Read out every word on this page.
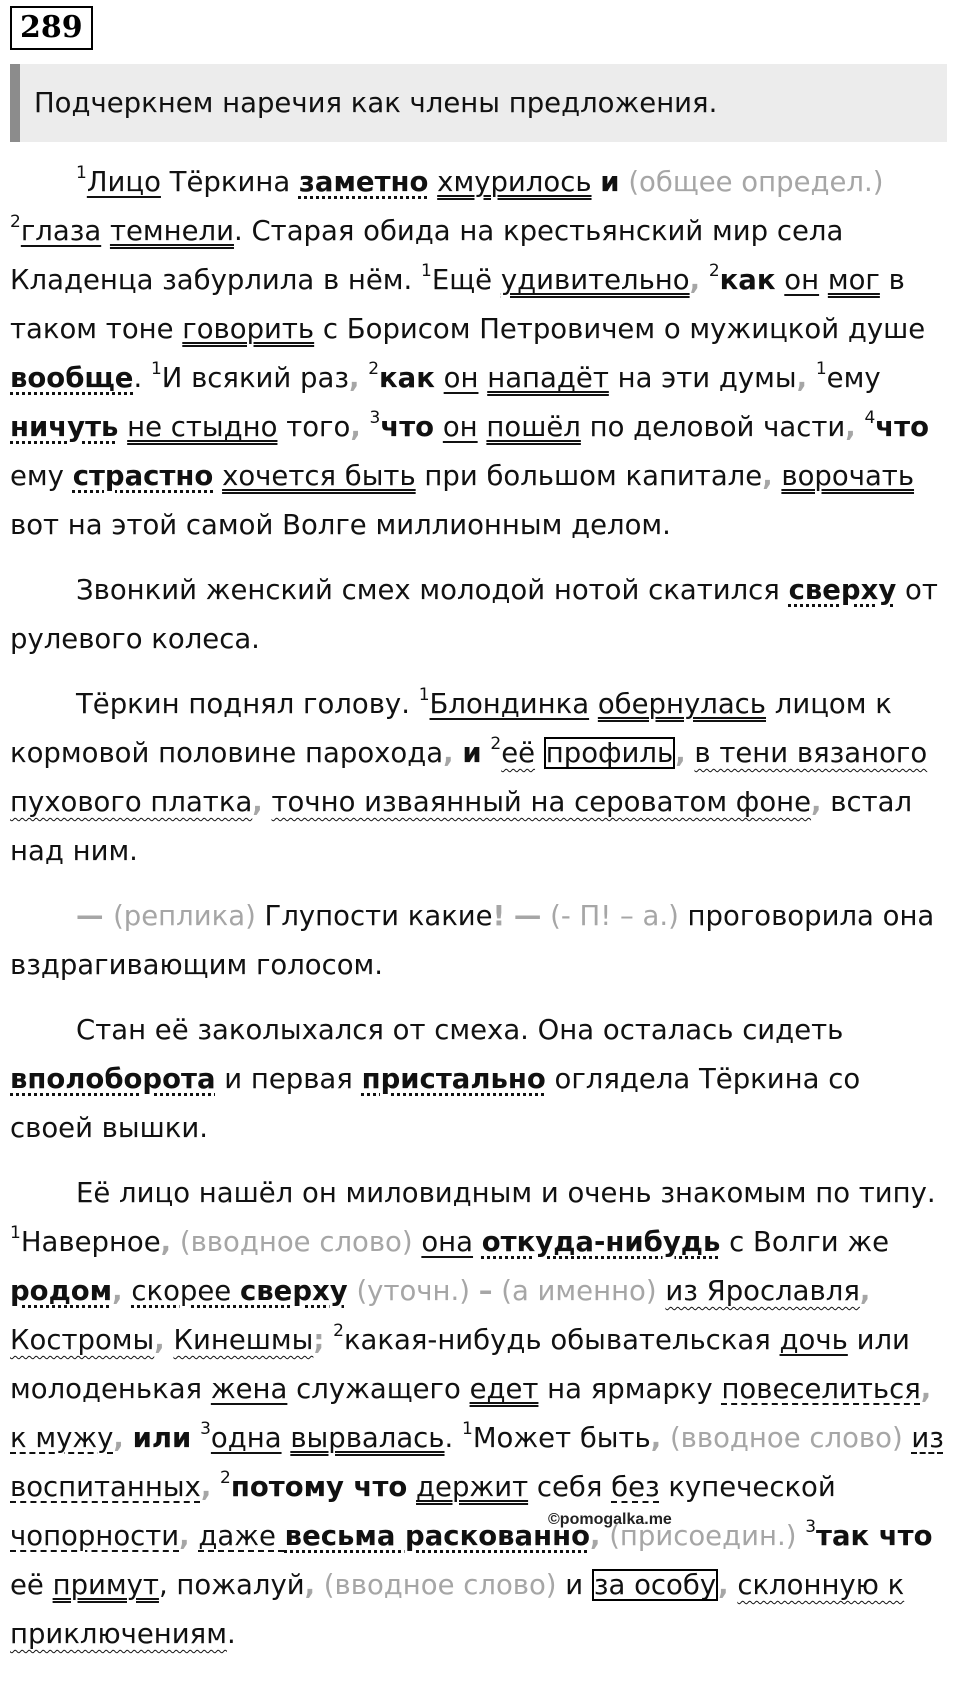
289
Подчеркнем наречия как члены предложения.

$^1$Лицо Тёркина заметно хмурилось и (общее определ.) $^2$глаза темнели. Старая обида на крестьянский мир села Кладенца забурлила в нём. $^1$Ещё удивительно, $^2$как он мог в таком тоне говорить с Борисом Петровичем о мужицкой душе вообще. $^1$И всякий раз, $^2$как он нападёт на эти думы, $^1$ему ничуть не стыдно того, $^3$что он пошёл по деловой части, $^4$что ему страстно хочется быть при большом капитале, ворочать вот на этой самой Волге миллионным делом.

Звонкий женский смех молодой нотой скатился сверху от рулевого колеса.

Тёркин поднял голову. $^1$Блондинка обернулась лицом к кормовой половине парохода, и $^2$её профиль, в тени вязаного пухового платка, точно изваянный на сероватом фоне, встал над ним.

— (реплика) Глупости какие! — (- П! – а.) проговорила она вздрагивающим голосом.

Стан её заколыхался от смеха. Она осталась сидеть вполоборота и первая пристально оглядела Тёркина со своей вышки.

Её лицо нашёл он миловидным и очень знакомым по типу. $^1$Наверное, (вводное слово) она откуда-нибудь с Волги же родом, скорее сверху (уточн.) – (а именно) из Ярославля, Костромы, Кинешмы; $^2$какая-нибудь обывательская дочь или молоденькая жена служащего едет на ярмарку повеселиться, к мужу, или $^3$одна вырвалась. $^1$Может быть, (вводное слово) из воспитанных, $^2$потому что держит себя без купеческой чопорности, даже весьма раскованно, (присоедин.) $^3$так что её примут, пожалуй, (вводное слово) и за особу, склонную к приключениям.

©pomogalka.me
